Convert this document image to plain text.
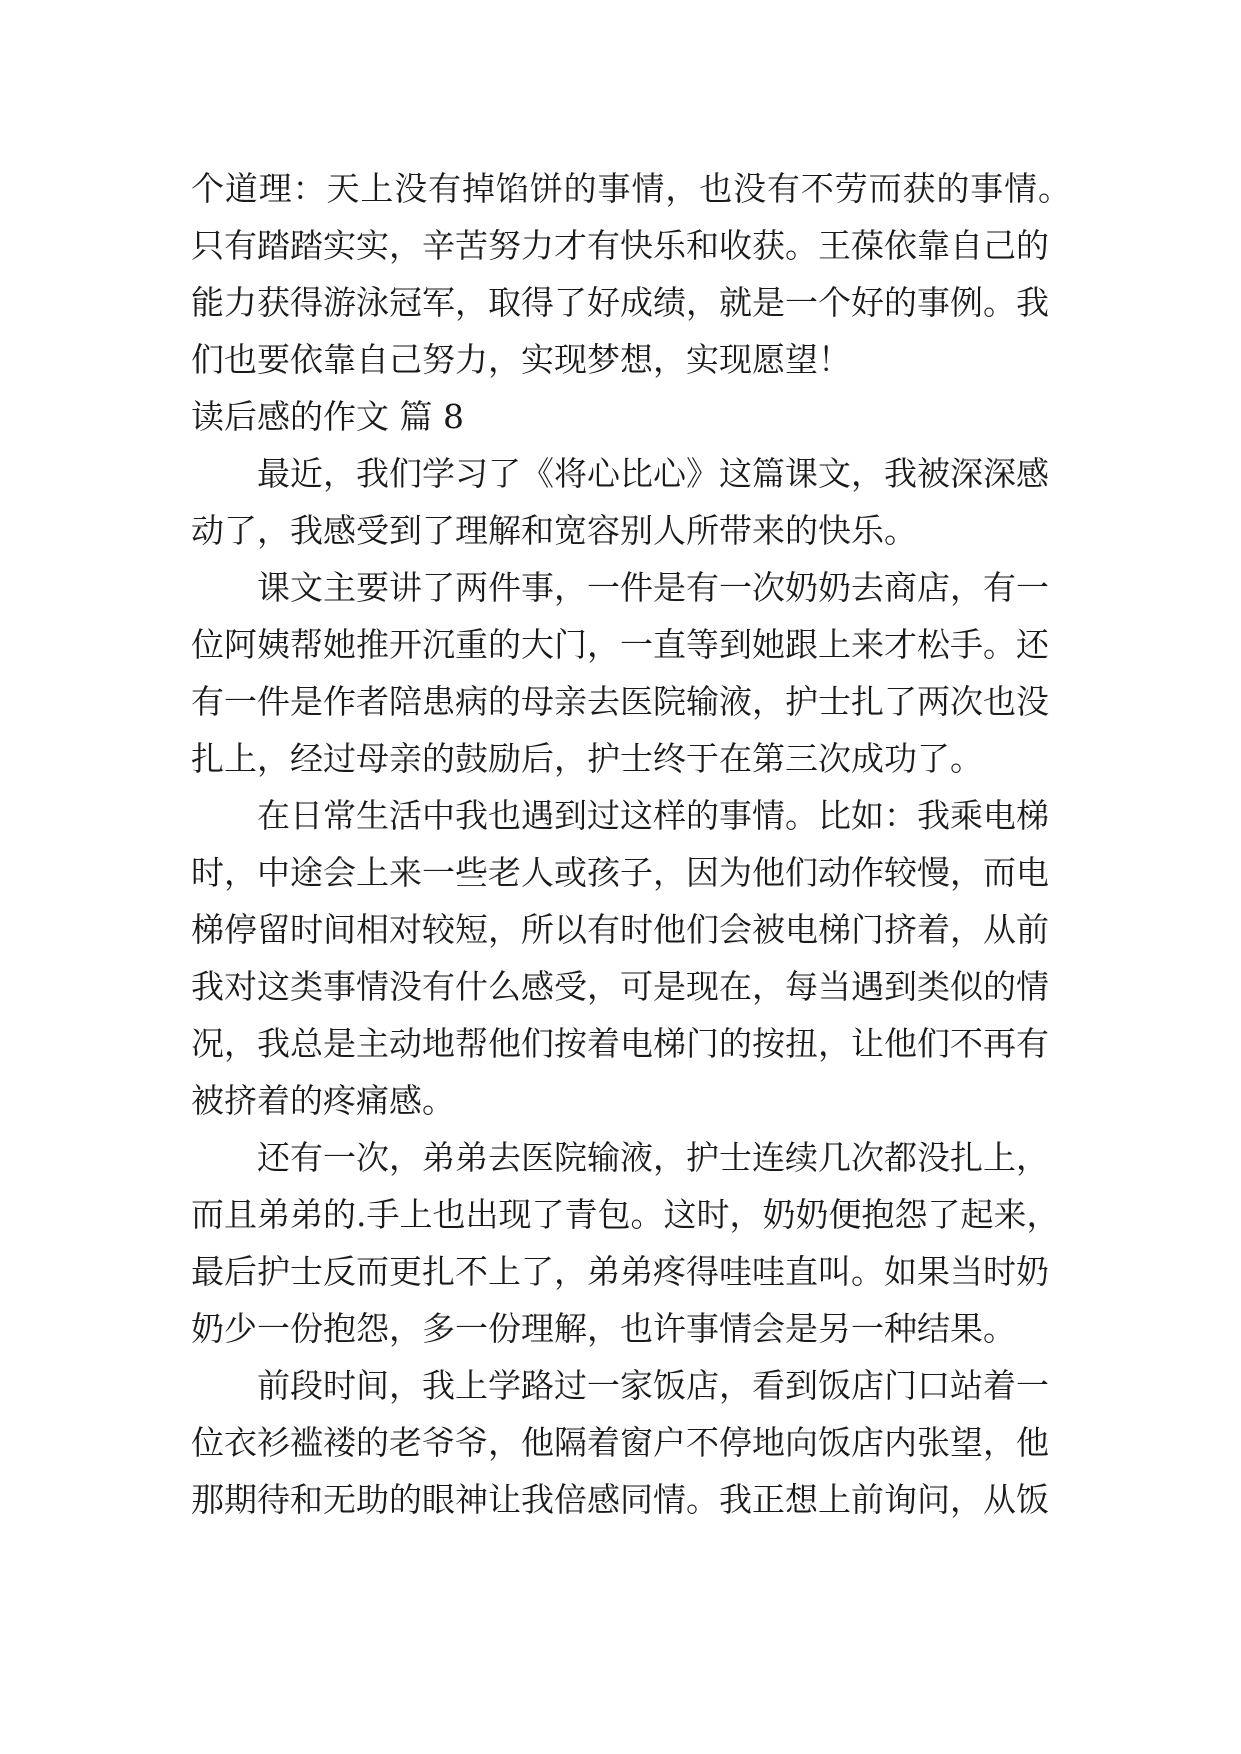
个道理：天上没有掉馅饼的事情，也没有不劳而获的事情。
只有踏踏实实，辛苦努力才有快乐和收获。王葆依靠自己的
能力获得游泳冠军，取得了好成绩，就是一个好的事例。我
们也要依靠自己努力，实现梦想，实现愿望！
读后感的作文 篇 8
　　最近，我们学习了《将心比心》这篇课文，我被深深感
动了，我感受到了理解和宽容别人所带来的快乐。
　　课文主要讲了两件事，一件是有一次奶奶去商店，有一
位阿姨帮她推开沉重的大门，一直等到她跟上来才松手。还
有一件是作者陪患病的母亲去医院输液，护士扎了两次也没
扎上，经过母亲的鼓励后，护士终于在第三次成功了。
　　在日常生活中我也遇到过这样的事情。比如：我乘电梯
时，中途会上来一些老人或孩子，因为他们动作较慢，而电
梯停留时间相对较短，所以有时他们会被电梯门挤着，从前
我对这类事情没有什么感受，可是现在，每当遇到类似的情
况，我总是主动地帮他们按着电梯门的按扭，让他们不再有
被挤着的疼痛感。
　　还有一次，弟弟去医院输液，护士连续几次都没扎上，
而且弟弟的.手上也出现了青包。这时，奶奶便抱怨了起来，
最后护士反而更扎不上了，弟弟疼得哇哇直叫。如果当时奶
奶少一份抱怨，多一份理解，也许事情会是另一种结果。
　　前段时间，我上学路过一家饭店，看到饭店门口站着一
位衣衫褴褛的老爷爷，他隔着窗户不停地向饭店内张望，他
那期待和无助的眼神让我倍感同情。我正想上前询问，从饭
